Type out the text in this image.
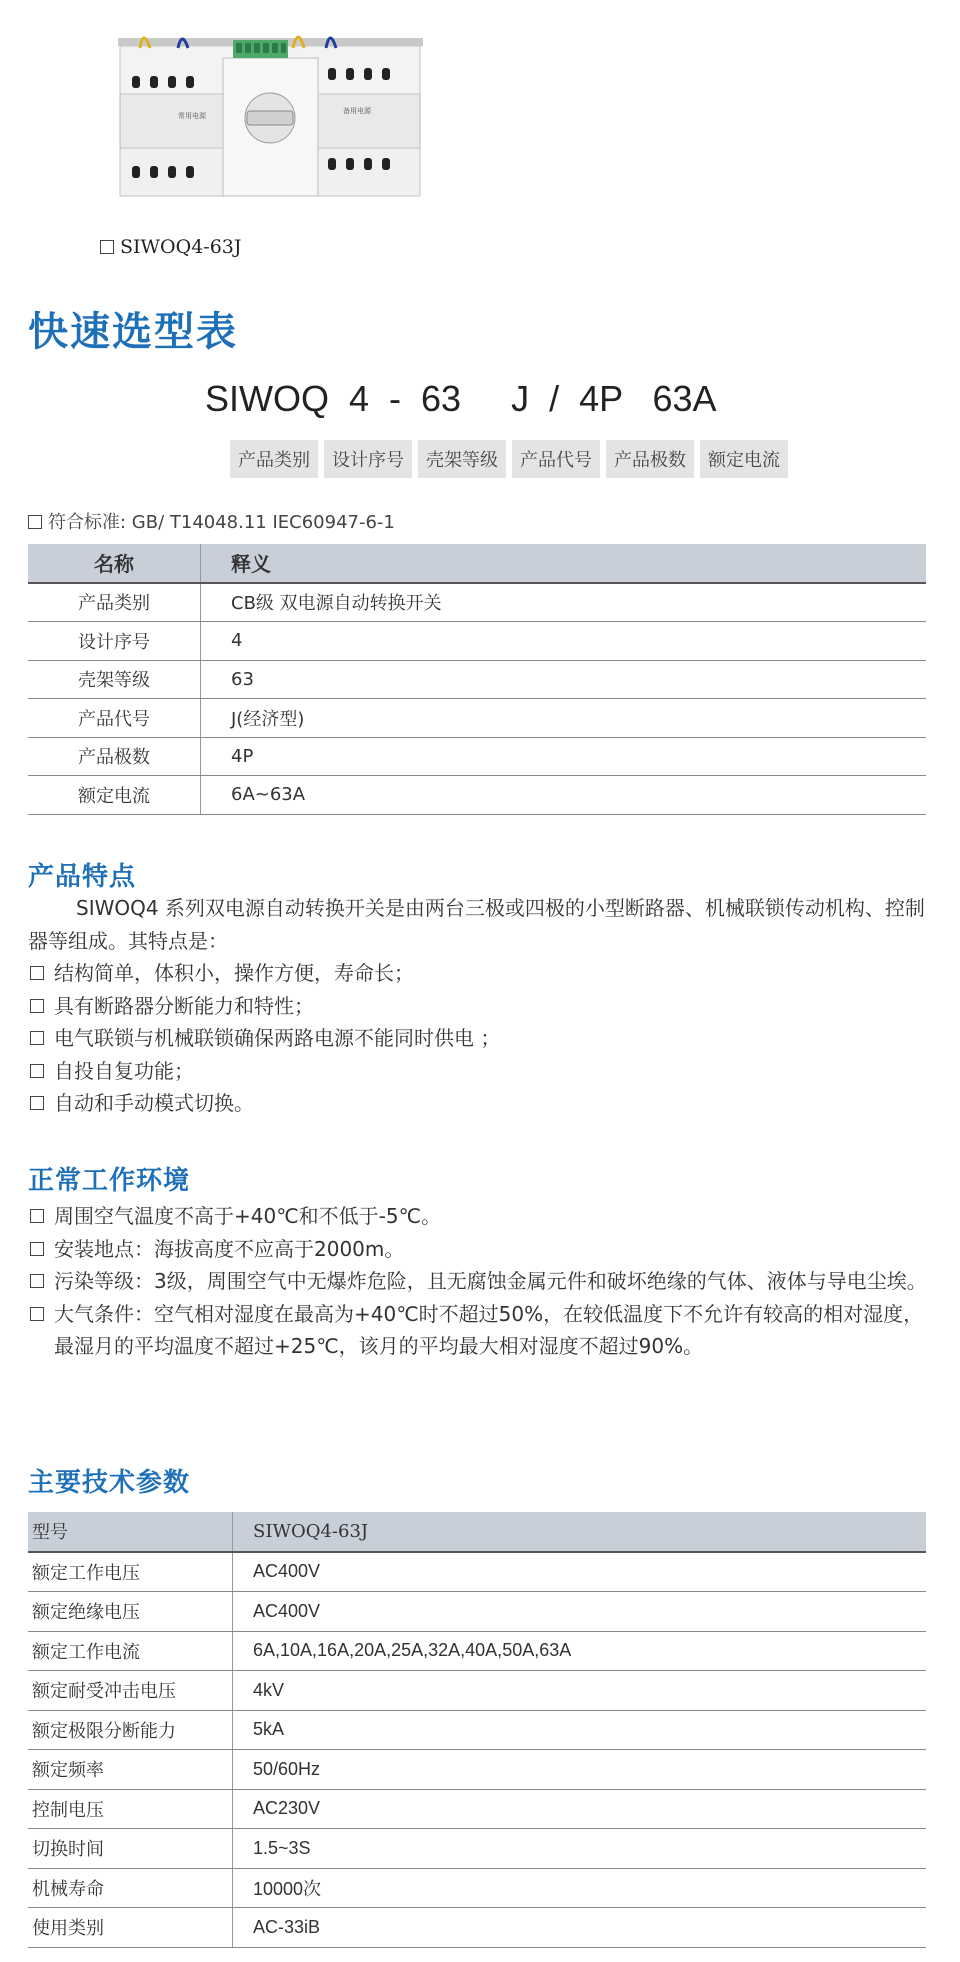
常用电源
备用电源
SIWOQ4-63J
快速选型表
SIWOQ  4  -  63     J  /  4P   63A
产品类别	设计序号	壳架等级	产品代号	产品极数	额定电流
符合标准: GB/ T14048.11 IEC60947-6-1
名称	释义
产品类别	CB级 双电源自动转换开关
设计序号	4
壳架等级	63
产品代号	J(经济型)
产品极数	4P
额定电流	6A~63A
产品特点
SIWOQ4 系列双电源自动转换开关是由两台三极或四极的小型断路器、机械联锁传动机构、控制器等组成。其特点是：
结构简单，体积小，操作方便，寿命长；
具有断路器分断能力和特性；
电气联锁与机械联锁确保两路电源不能同时供电 ；
自投自复功能；
自动和手动模式切换。
正常工作环境
周围空气温度不高于+40℃和不低于-5℃。
安装地点：海拔高度不应高于2000m。
污染等级：3级，周围空气中无爆炸危险，且无腐蚀金属元件和破坏绝缘的气体、液体与导电尘埃。
大气条件：空气相对湿度在最高为+40℃时不超过50%，在较低温度下不允许有较高的相对湿度，最湿月的平均温度不超过+25℃，该月的平均最大相对湿度不超过90%。
主要技术参数
型号	SIWOQ4-63J
额定工作电压	AC400V
额定绝缘电压	AC400V
额定工作电流	6A,10A,16A,20A,25A,32A,40A,50A,63A
额定耐受冲击电压	4kV
额定极限分断能力	5kA
额定频率	50/60Hz
控制电压	AC230V
切换时间	1.5~3S
机械寿命	10000次
使用类别	AC-33iB
